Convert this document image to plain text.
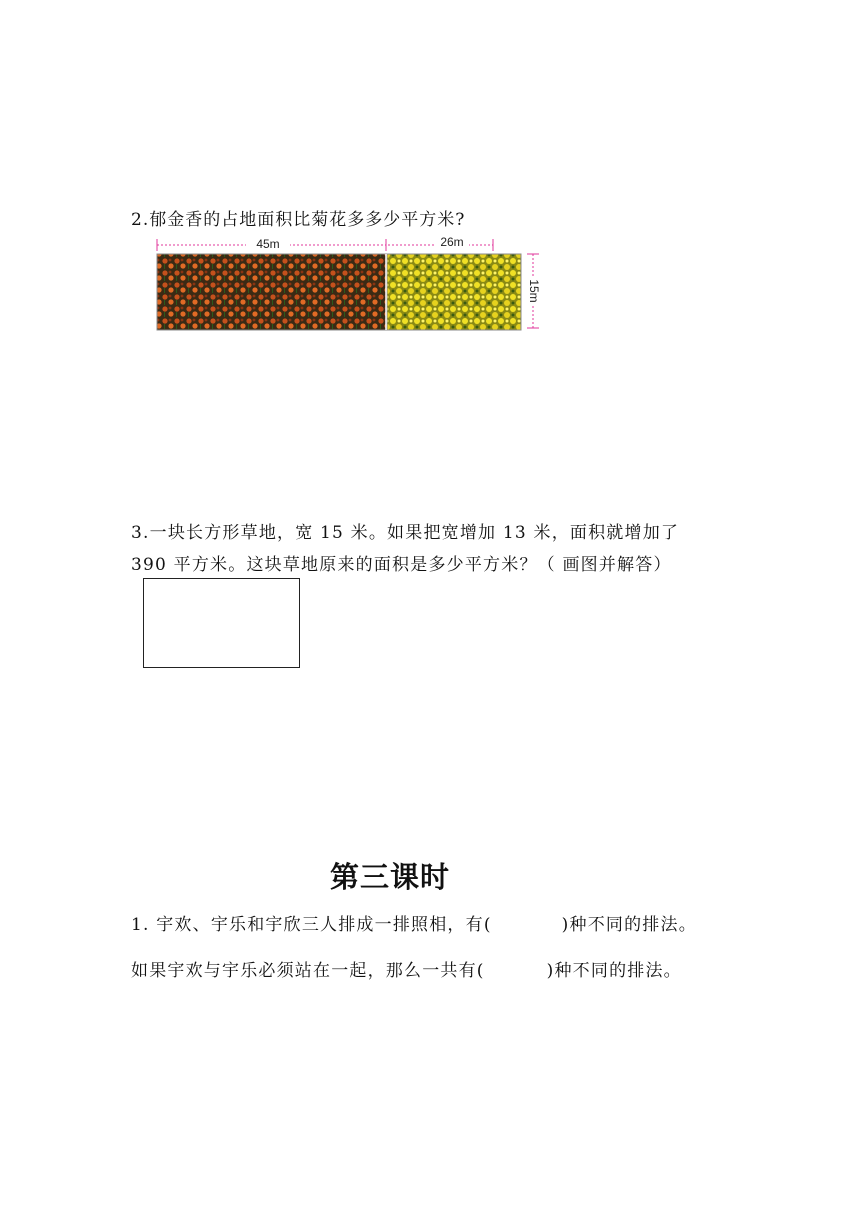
2.郁金香的占地面积比菊花多多少平方米?
45m	26m
15m
3.一块长方形草地，宽 15 米。如果把宽增加 13 米，面积就增加了
390 平方米。这块草地原来的面积是多少平方米？（ 画图并解答）
第三课时
1. 宇欢、宇乐和宇欣三人排成一排照相，有(	)种不同的排法。
如果宇欢与宇乐必须站在一起，那么一共有(	)种不同的排法。
